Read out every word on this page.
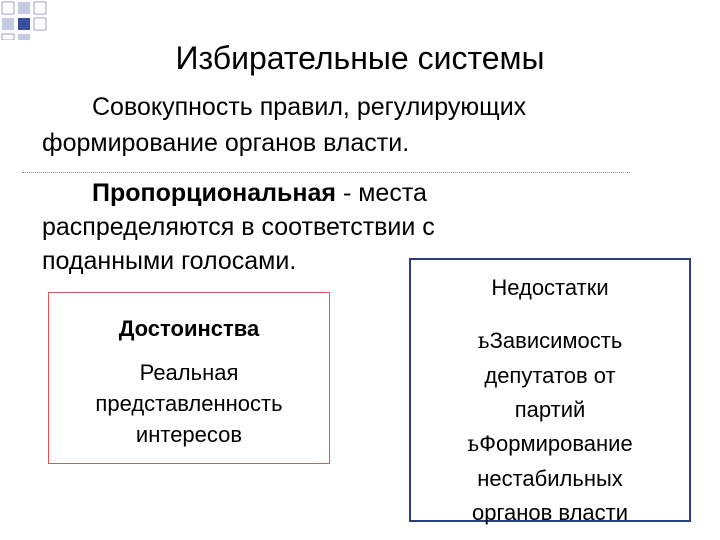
Избирательные системы
Совокупность правил, регулирующих
формирование органов власти.
Пропорциональная - места
распределяются в соответствии с
поданными голосами.
Достоинства
Реальная
представленность
интересов
Недостатки
ьЗависимость
депутатов от
партий
ьФормирование
нестабильных
органов власти
